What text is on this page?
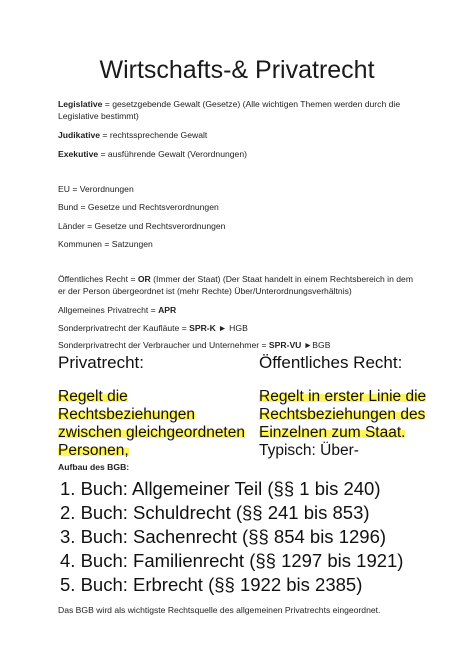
Wirtschafts-& Privatrecht
Legislative = gesetzgebende Gewalt (Gesetze) (Alle wichtigen Themen werden durch die Legislative bestimmt)
Judikative = rechtssprechende Gewalt
Exekutive = ausführende Gewalt (Verordnungen)
EU = Verordnungen
Bund = Gesetze und Rechtsverordnungen
Länder = Gesetze und Rechtsverordnungen
Kommunen = Satzungen
Öffentliches Recht = OR (Immer der Staat) (Der Staat handelt in einem Rechtsbereich in dem er der Person übergeordnet ist (mehr Rechte) Über/Unterordnungsverhältnis)
Allgemeines Privatrecht = APR
Sonderprivatrecht der Kaufläute = SPR-K ► HGB
Sonderprivatrecht der Verbraucher und Unternehmer = SPR-VU ►BGB
Privatrecht:	Öffentliches Recht:
Regelt die
Rechtsbeziehungen
zwischen gleichgeordneten
Personen,
Regelt in erster Linie die
Rechtsbeziehungen des
Einzelnen zum Staat.
Typisch: Über-
Aufbau des BGB:
1. Buch: Allgemeiner Teil (§§ 1 bis 240)
2. Buch: Schuldrecht (§§ 241 bis 853)
3. Buch: Sachenrecht (§§ 854 bis 1296)
4. Buch: Familienrecht (§§ 1297 bis 1921)
5. Buch: Erbrecht (§§ 1922 bis 2385)
Das BGB wird als wichtigste Rechtsquelle des allgemeinen Privatrechts eingeordnet.
